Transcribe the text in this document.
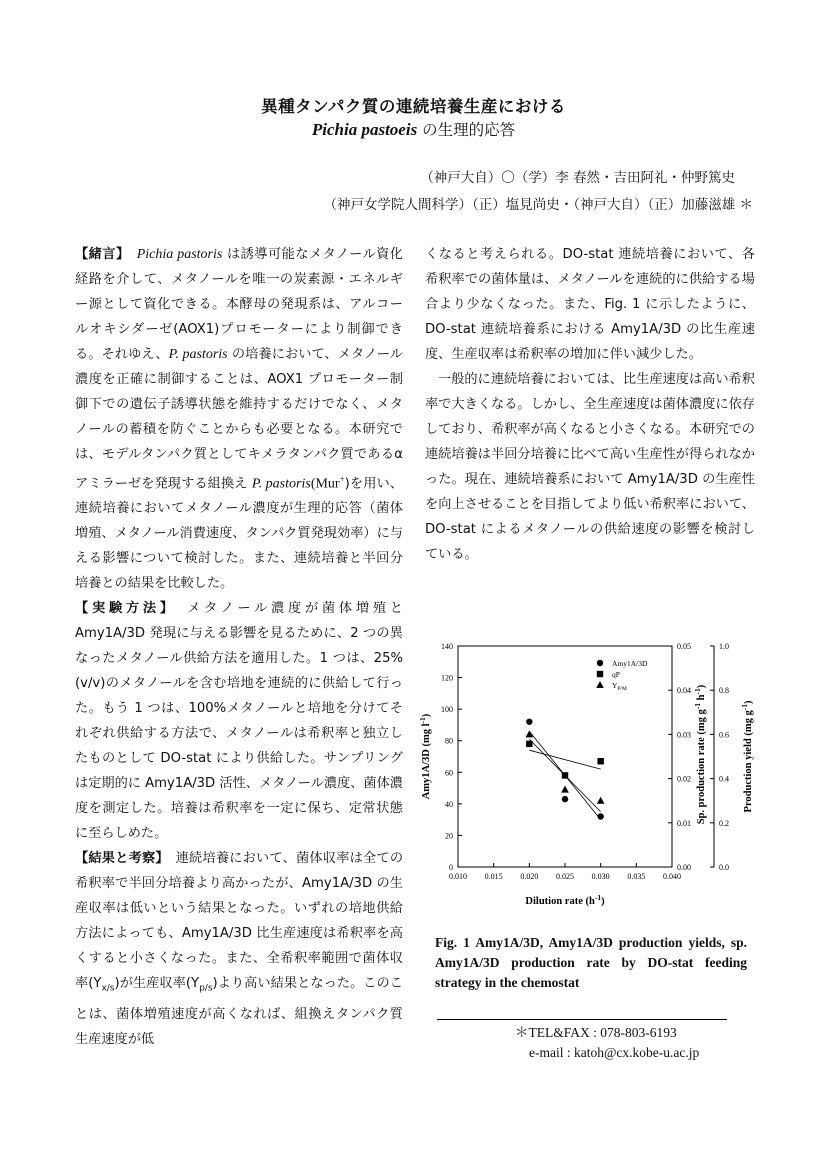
異種タンパク質の連続培養生産における
Pichia pastoeis の生理的応答
（神戸大自）〇（学）李 春然・吉田阿礼・仲野篤史
（神戸女学院人間科学）（正）塩見尚史・（神戸大自）（正）加藤滋雄 ＊

【緒言】　 Pichia pastoris は誘導可能なメタノール資化経路を介して、メタノールを唯一の炭素源・エネルギー源として資化できる。本酵母の発現系は、アルコールオキシダーゼ(AOX1)プロモーターにより制御できる。それゆえ、P. pastoris の培養において、メタノール濃度を正確に制御することは、AOX1 プロモーター制御下での遺伝子誘導状態を維持するだけでなく、メタノールの蓄積を防ぐことからも必要となる。本研究では、モデルタンパク質としてキメラタンパク質であるα　アミラーゼを発現する組換え P. pastoris(Mur+)を用い、連続培養においてメタノール濃度が生理的応答（菌体増殖、メタノール消費速度、タンパク質発現効率）に与える影響について検討した。また、連続培養と半回分培養との結果を比較した。

【実験方法】　メタノール濃度が菌体増殖と Amy1A/3D 発現に与える影響を見るために、2 つの異なったメタノール供給方法を適用した。1 つは、25%(v/v)のメタノールを含む培地を連続的に供給して行った。もう 1 つは、100%メタノールと培地を分けてそれぞれ供給する方法で、メタノールは希釈率と独立したものとして DO-stat により供給した。サンプリングは定期的に Amy1A/3D 活性、メタノール濃度、菌体濃度を測定した。培養は希釈率を一定に保ち、定常状態に至らしめた。

【結果と考察】　連続培養において、菌体収率は全ての希釈率で半回分培養より高かったが、Amy1A/3D の生産収率は低いという結果となった。いずれの培地供給方法によっても、Amy1A/3D 比生産速度は希釈率を高くすると小さくなった。また、全希釈率範囲で菌体収率$(Y_{x/s})$が生産収率$(Y_{p/s})$より高い結果となった。このことは、菌体増殖速度が高くなれば、組換えタンパク質生産速度が低

くなると考えられる。DO-stat 連続培養において、各希釈率での菌体量は、メタノールを連続的に供給する場合より少なくなった。また、Fig. 1 に示したように、DO-stat 連続培養系における Amy1A/3D の比生産速度、生産収率は希釈率の増加に伴い減少した。

一般的に連続培養においては、比生産速度は高い希釈率で大きくなる。しかし、全生産速度は菌体濃度に依存しており、希釈率が高くなると小さくなる。本研究での連続培養は半回分培養に比べて高い生産性が得られなかった。現在、連続培養系において Amy1A/3D の生産性を向上させることを目指してより低い希釈率において、DO-stat によるメタノールの供給速度の影響を検討している。

0.010 0.015 0.020 0.025 0.030 0.035 0.040
0
20
40
60
80
100
120
140
0.00
0.01
0.02
0.03
0.04
0.05
0.0
0.2
0.4
0.6
0.8
1.0
Amy1A/3D
qP
$Y_{P/M}$
Dilution rate $(h^{-1})$
Amy1A/3D (mg $l^{-1}$)	Sp. production rate (mg $g^{-1}$ $h^{-1}$)
Production yield (mg $g^{-1}$)
Fig. 1 Amy1A/3D, Amy1A/3D production yields, sp. Amy1A/3D production rate by DO-stat feeding strategy in the chemostat
＊TEL&FAX : 078-803-6193
e-mail : katoh@cx.kobe-u.ac.jp
